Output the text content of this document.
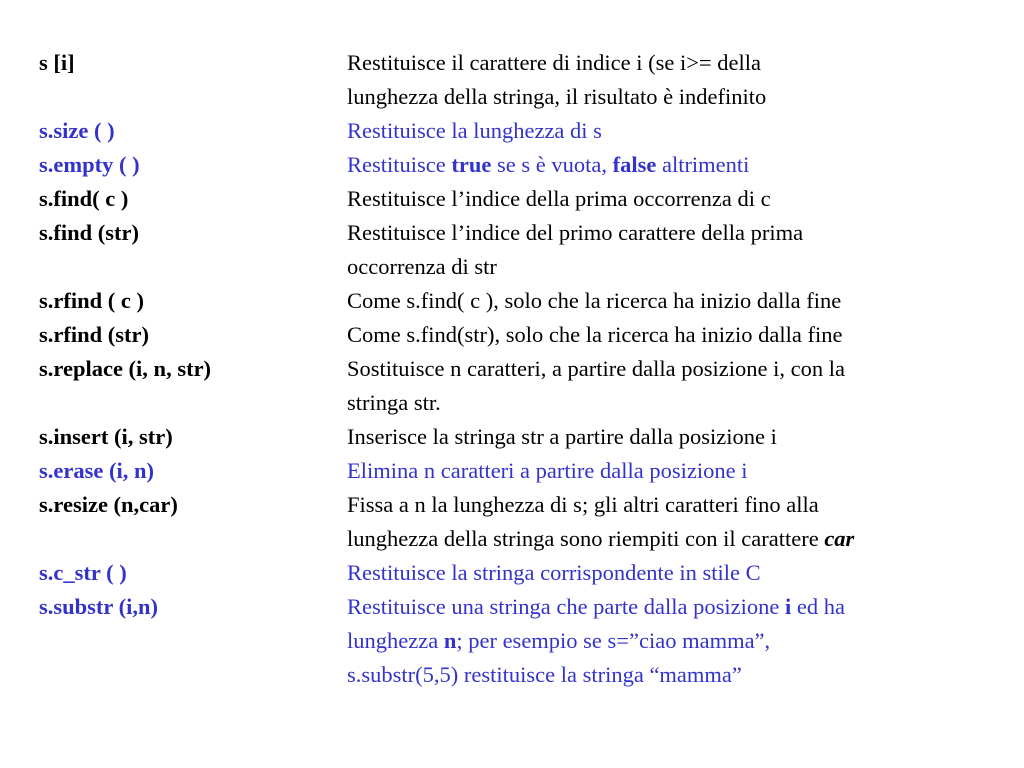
s [i]	Restituisce il carattere di indice i (se i>= della
lunghezza della stringa, il risultato è indefinito
s.size ( )	Restituisce la lunghezza di s
s.empty ( )	Restituisce true se s è vuota, false altrimenti
s.find( c )	Restituisce l’indice della prima occorrenza di c
s.find (str)	Restituisce l’indice del primo carattere della prima
occorrenza di str
s.rfind ( c )	Come s.find( c ), solo che la ricerca ha inizio dalla fine
s.rfind (str)	Come s.find(str), solo che la ricerca ha inizio dalla fine
s.replace (i, n, str)	Sostituisce n caratteri, a partire dalla posizione i, con la
stringa str.
s.insert (i, str)	Inserisce la stringa str a partire dalla posizione i
s.erase (i, n)	Elimina n caratteri a partire dalla posizione i
s.resize (n,car)	Fissa a n la lunghezza di s; gli altri caratteri fino alla
lunghezza della stringa sono riempiti con il carattere car
s.c_str ( )	Restituisce la stringa corrispondente in stile C
s.substr (i,n)	Restituisce una stringa che parte dalla posizione i ed ha
lunghezza n; per esempio se s=”ciao mamma”,
s.substr(5,5) restituisce la stringa “mamma”
